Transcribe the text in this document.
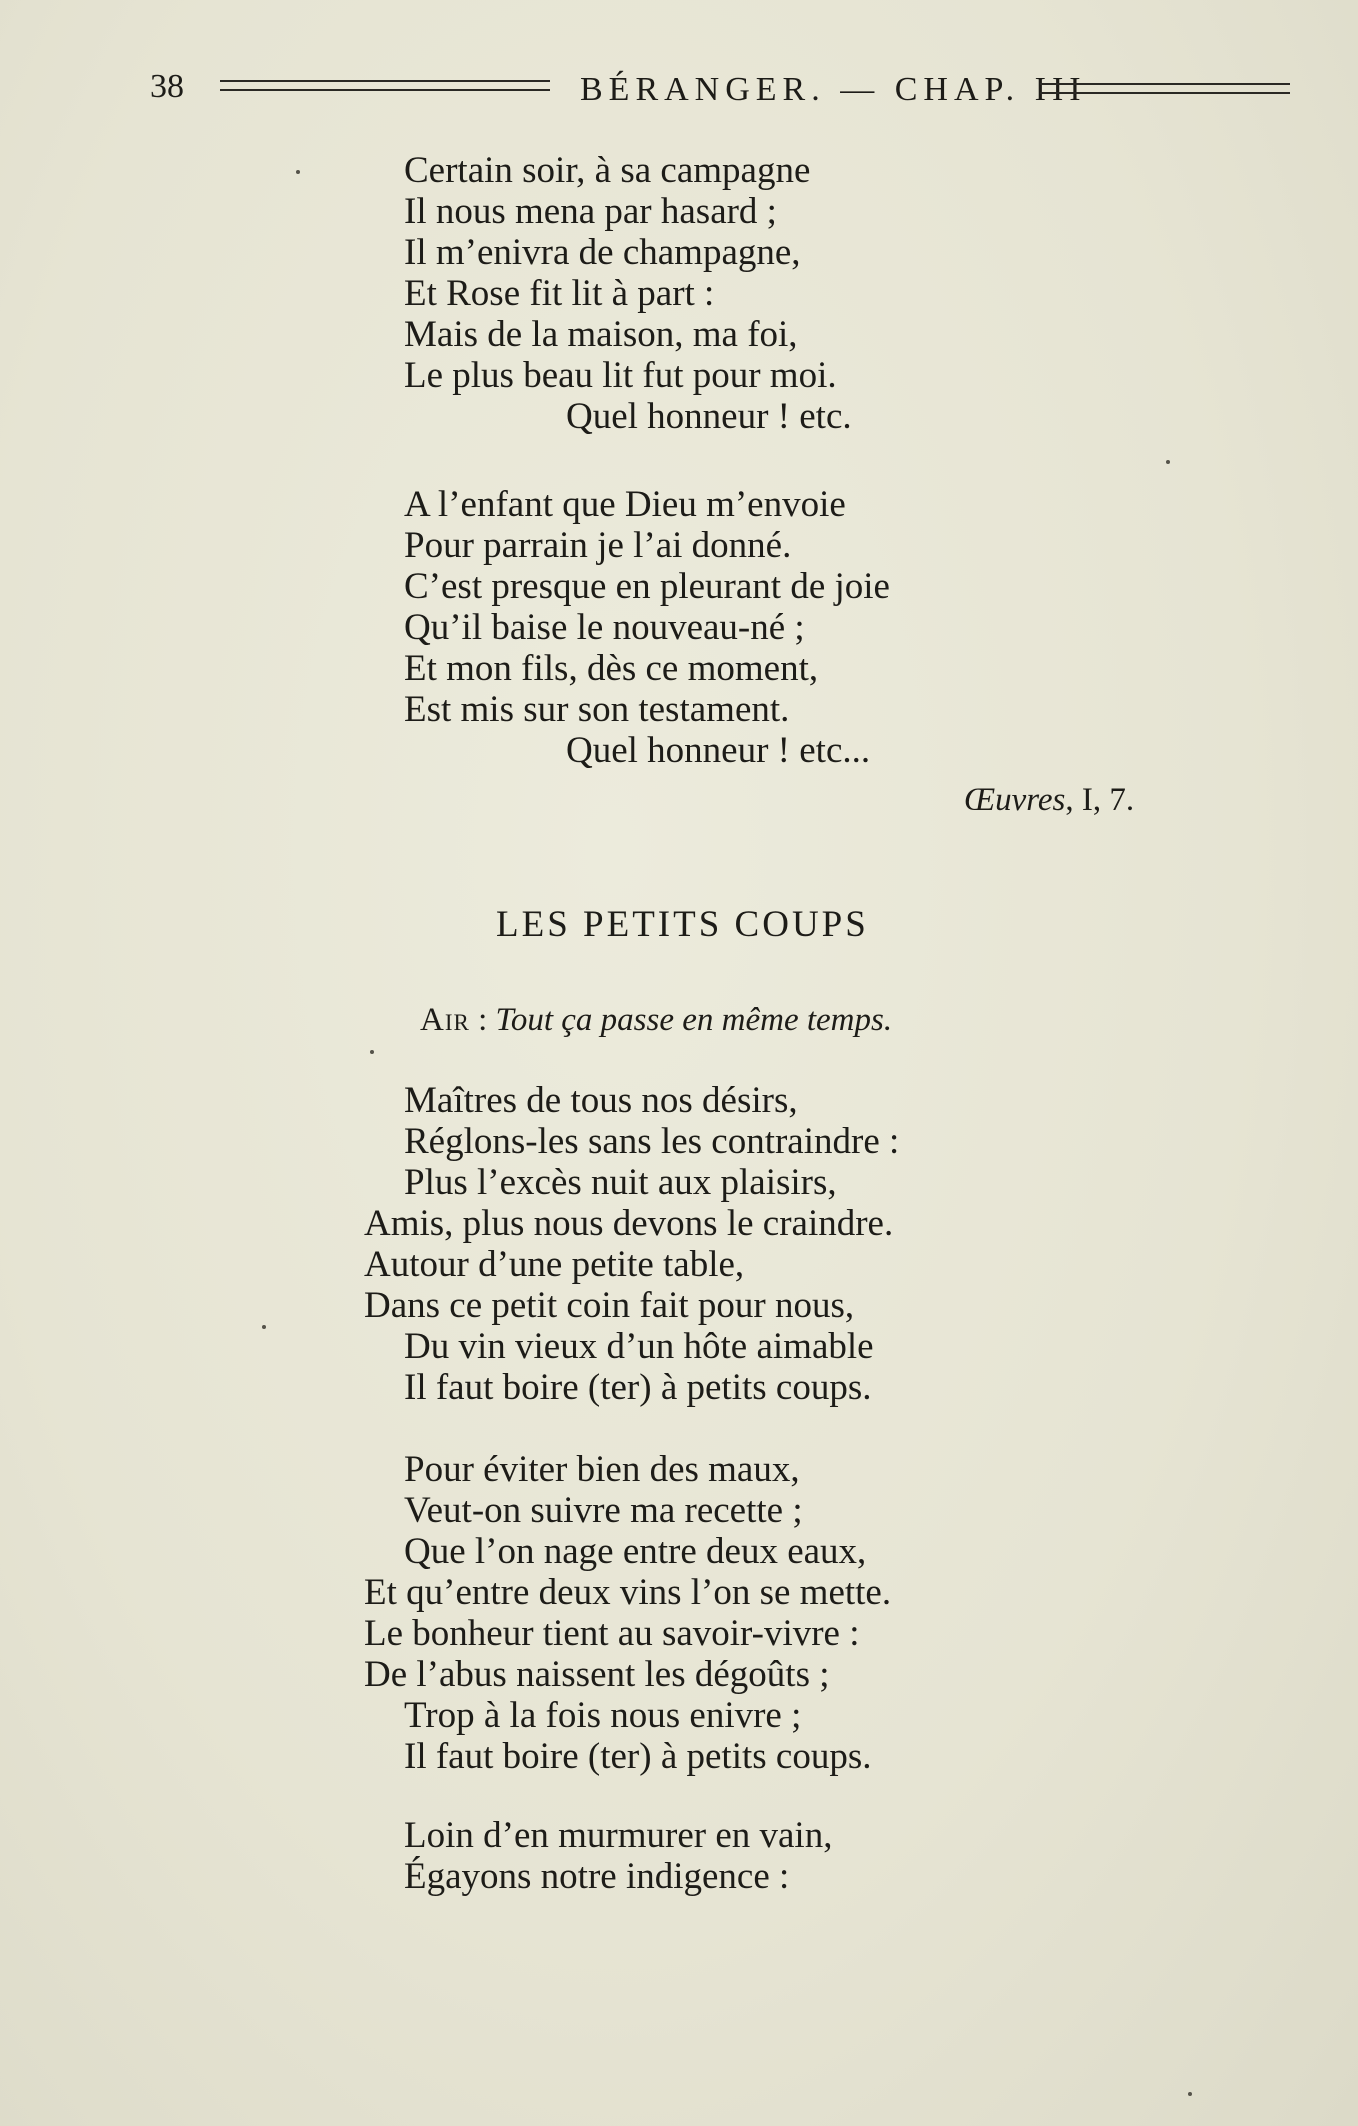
38	BÉRANGER. — CHAP. III
Certain soir, à sa campagne
Il nous mena par hasard ;
Il m’enivra de champagne,
Et Rose fit lit à part :
Mais de la maison, ma foi,
Le plus beau lit fut pour moi.
Quel honneur ! etc.
A l’enfant que Dieu m’envoie
Pour parrain je l’ai donné.
C’est presque en pleurant de joie
Qu’il baise le nouveau-né ;
Et mon fils, dès ce moment,
Est mis sur son testament.
Quel honneur ! etc...
Œuvres, I, 7.
LES PETITS COUPS
Air : Tout ça passe en même temps.
Maîtres de tous nos désirs,
Réglons-les sans les contraindre :
Plus l’excès nuit aux plaisirs,
Amis, plus nous devons le craindre.
Autour d’une petite table,
Dans ce petit coin fait pour nous,
Du vin vieux d’un hôte aimable
Il faut boire (ter) à petits coups.
Pour éviter bien des maux,
Veut-on suivre ma recette ;
Que l’on nage entre deux eaux,
Et qu’entre deux vins l’on se mette.
Le bonheur tient au savoir-vivre :
De l’abus naissent les dégoûts ;
Trop à la fois nous enivre ;
Il faut boire (ter) à petits coups.
Loin d’en murmurer en vain,
Égayons notre indigence :
